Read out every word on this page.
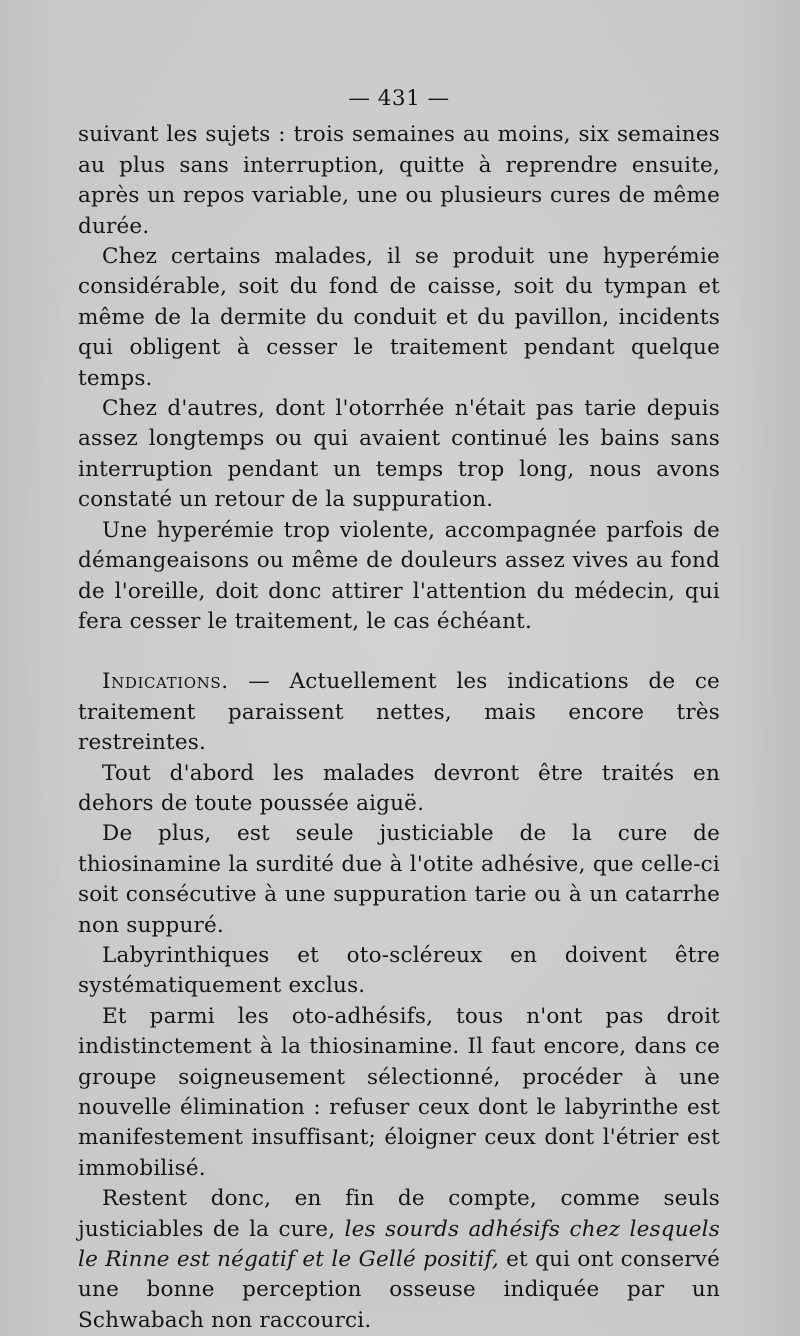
— 431 —

suivant les sujets : trois semaines au moins, six semaines au plus sans interruption, quitte à reprendre ensuite, après un repos variable, une ou plusieurs cures de même durée.

Chez certains malades, il se produit une hyperémie considérable, soit du fond de caisse, soit du tympan et même de la dermite du conduit et du pavillon, incidents qui obligent à cesser le traitement pendant quelque temps.

Chez d'autres, dont l'otorrhée n'était pas tarie depuis assez longtemps ou qui avaient continué les bains sans interruption pendant un temps trop long, nous avons constaté un retour de la suppuration.

Une hyperémie trop violente, accompagnée parfois de démangeaisons ou même de douleurs assez vives au fond de l'oreille, doit donc attirer l'attention du médecin, qui fera cesser le traitement, le cas échéant.

Indications. — Actuellement les indications de ce traitement paraissent nettes, mais encore très restreintes.

Tout d'abord les malades devront être traités en dehors de toute poussée aiguë.

De plus, est seule justiciable de la cure de thiosinamine la surdité due à l'otite adhésive, que celle-ci soit consécutive à une suppuration tarie ou à un catarrhe non suppuré.

Labyrinthiques et oto-scléreux en doivent être systématiquement exclus.

Et parmi les oto-adhésifs, tous n'ont pas droit indistinctement à la thiosinamine. Il faut encore, dans ce groupe soigneusement sélectionné, procéder à une nouvelle élimination : refuser ceux dont le labyrinthe est manifestement insuffisant; éloigner ceux dont l'étrier est immobilisé.

Restent donc, en fin de compte, comme seuls justiciables de la cure, les sourds adhésifs chez lesquels le Rinne est négatif et le Gellé positif, et qui ont conservé une bonne perception osseuse indiquée par un Schwabach non raccourci.
